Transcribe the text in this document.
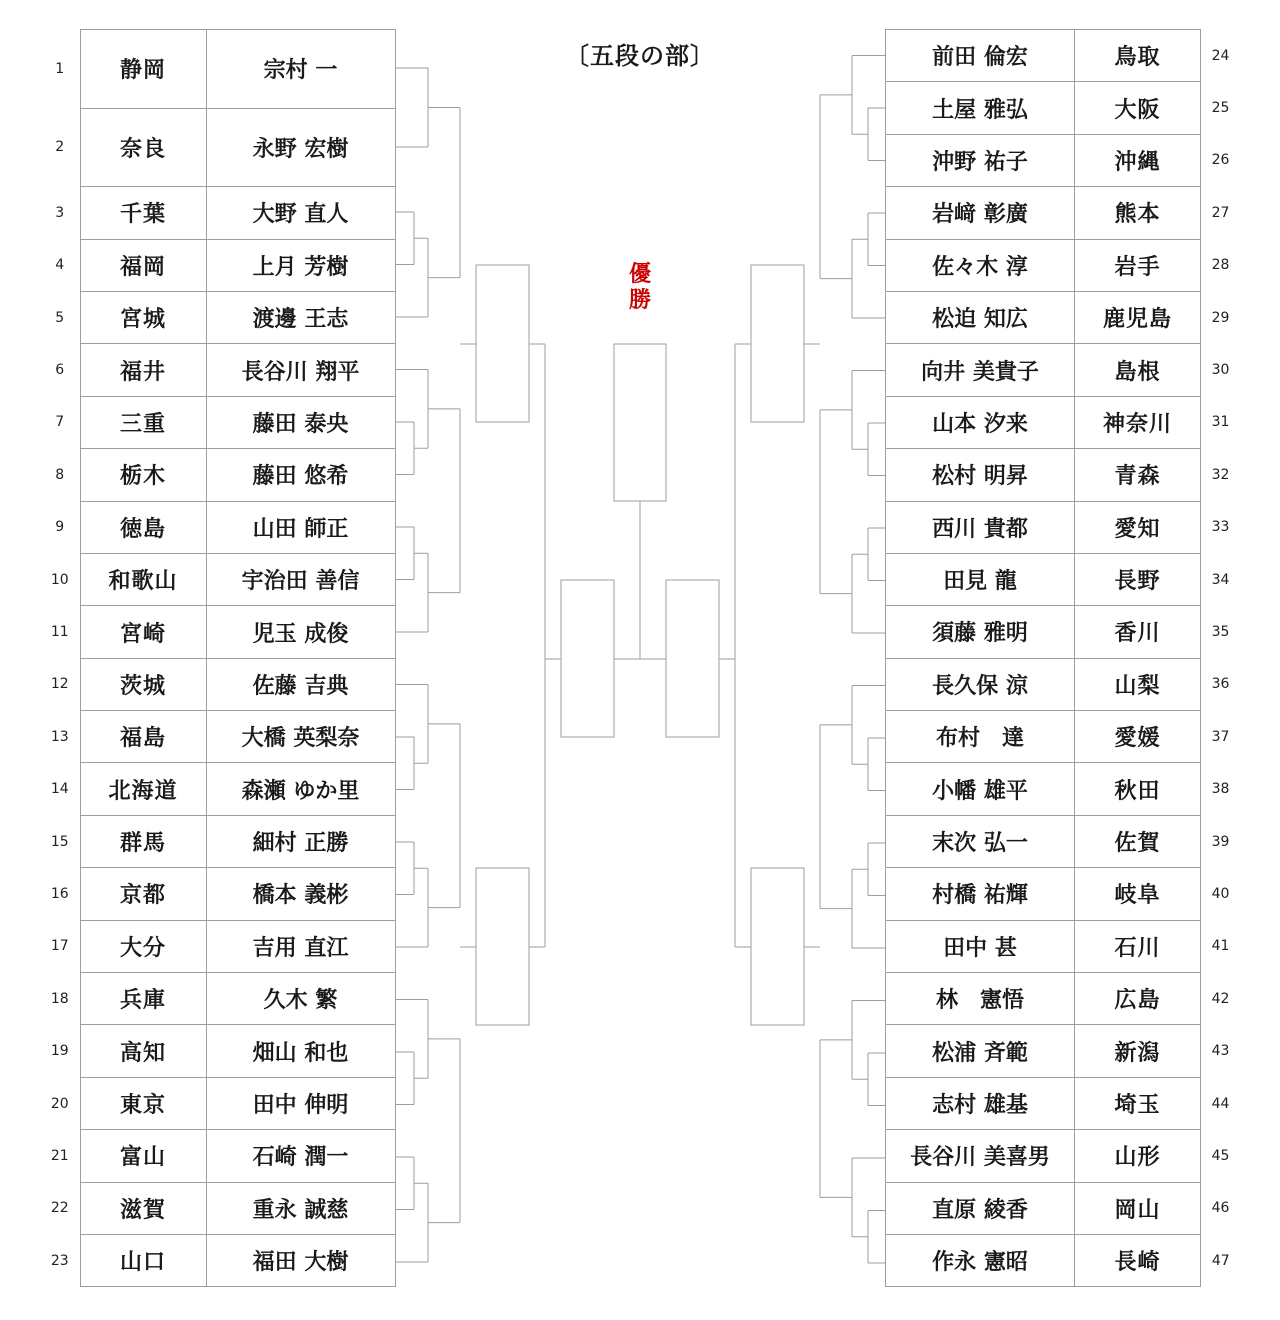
〔五段の部〕
優勝
1	静岡	宗村 一
2	奈良	永野 宏樹
3	千葉	大野 直人
4	福岡	上月 芳樹
5	宮城	渡邊 王志
6	福井	長谷川 翔平
7	三重	藤田 泰央
8	栃木	藤田 悠希
9	徳島	山田 師正
10	和歌山	宇治田 善信
11	宮崎	児玉 成俊
12	茨城	佐藤 吉典
13	福島	大橋 英梨奈
14	北海道	森瀬 ゆか里
15	群馬	細村 正勝
16	京都	橋本 義彬
17	大分	吉用 直江
18	兵庫	久木 繁
19	高知	畑山 和也
20	東京	田中 伸明
21	富山	石崎 潤一
22	滋賀	重永 誠慈
23	山口	福田 大樹
前田 倫宏	鳥取	24
土屋 雅弘	大阪	25
沖野 祐子	沖縄	26
岩﨑 彰廣	熊本	27
佐々木 淳	岩手	28
松迫 知広	鹿児島	29
向井 美貴子	島根	30
山本 汐来	神奈川	31
松村 明昇	青森	32
西川 貴都	愛知	33
田見 龍	長野	34
須藤 雅明	香川	35
長久保 涼	山梨	36
布村　達	愛媛	37
小幡 雄平	秋田	38
末次 弘一	佐賀	39
村橋 祐輝	岐阜	40
田中 甚	石川	41
林　憲悟	広島	42
松浦 斉範	新潟	43
志村 雄基	埼玉	44
長谷川 美喜男	山形	45
直原 綾香	岡山	46
作永 憲昭	長崎	47
